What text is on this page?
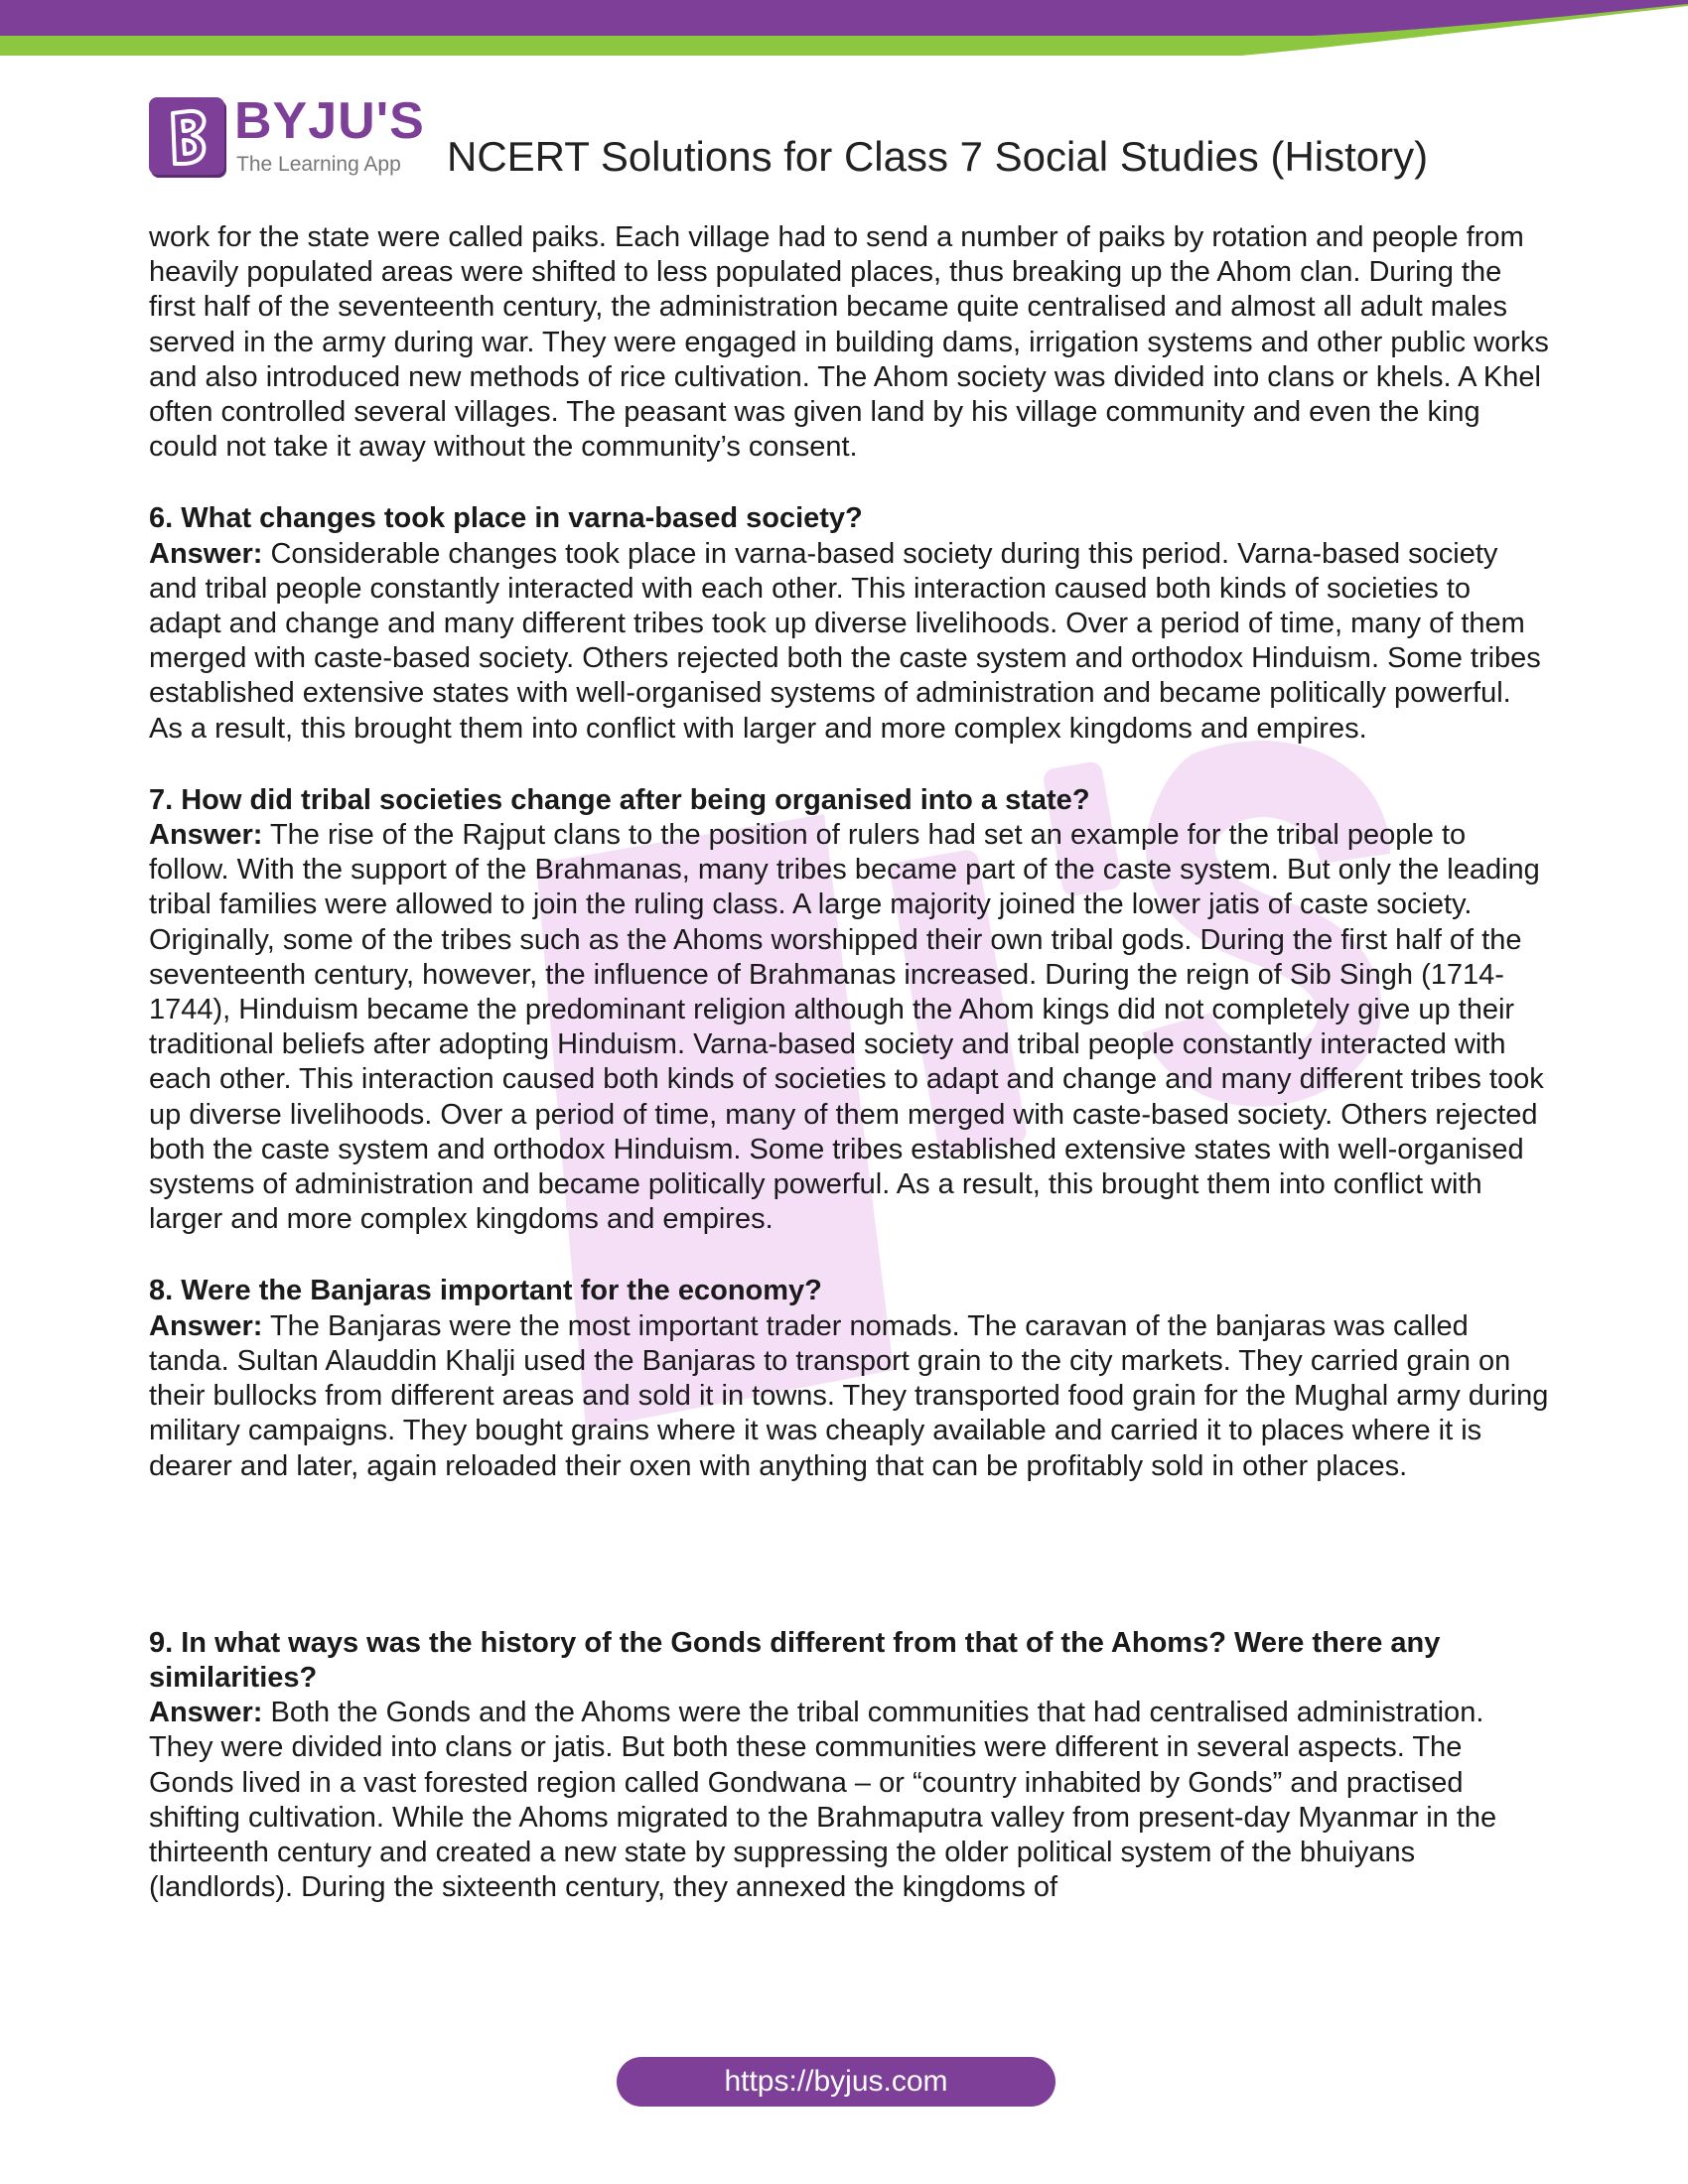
BYJU'S
The Learning App NCERT Solutions for Class 7 Social Studies (History)

work for the state were called paiks. Each village had to send a number of paiks by rotation and people from heavily populated areas were shifted to less populated places, thus breaking up the Ahom clan. During the first half of the seventeenth century, the administration became quite centralised and almost all adult males served in the army during war. They were engaged in building dams, irrigation systems and other public works and also introduced new methods of rice cultivation. The Ahom society was divided into clans or khels. A Khel often controlled several villages. The peasant was given land by his village community and even the king could not take it away without the community’s consent.

6. What changes took place in varna-based society?
Answer: Considerable changes took place in varna-based society during this period. Varna-based society and tribal people constantly interacted with each other. This interaction caused both kinds of societies to adapt and change and many different tribes took up diverse livelihoods. Over a period of time, many of them merged with caste-based society. Others rejected both the caste system and orthodox Hinduism. Some tribes established extensive states with well-organised systems of administration and became politically powerful. As a result, this brought them into conflict with larger and more complex kingdoms and empires.

7. How did tribal societies change after being organised into a state?
Answer: The rise of the Rajput clans to the position of rulers had set an example for the tribal people to follow. With the support of the Brahmanas, many tribes became part of the caste system. But only the leading tribal families were allowed to join the ruling class. A large majority joined the lower jatis of caste society. Originally, some of the tribes such as the Ahoms worshipped their own tribal gods. During the first half of the seventeenth century, however, the influence of Brahmanas increased. During the reign of Sib Singh (1714-1744), Hinduism became the predominant religion although the Ahom kings did not completely give up their traditional beliefs after adopting Hinduism. Varna-based society and tribal people constantly interacted with each other. This interaction caused both kinds of societies to adapt and change and many different tribes took up diverse livelihoods. Over a period of time, many of them merged with caste-based society. Others rejected both the caste system and orthodox Hinduism. Some tribes established extensive states with well-organised systems of administration and became politically powerful. As a result, this brought them into conflict with larger and more complex kingdoms and empires.

8. Were the Banjaras important for the economy?
Answer: The Banjaras were the most important trader nomads. The caravan of the banjaras was called tanda. Sultan Alauddin Khalji used the Banjaras to transport grain to the city markets. They carried grain on their bullocks from different areas and sold it in towns. They transported food grain for the Mughal army during military campaigns. They bought grains where it was cheaply available and carried it to places where it is dearer and later, again reloaded their oxen with anything that can be profitably sold in other places.

9. In what ways was the history of the Gonds different from that of the Ahoms? Were there any similarities?
Answer: Both the Gonds and the Ahoms were the tribal communities that had centralised administration. They were divided into clans or jatis. But both these communities were different in several aspects. The Gonds lived in a vast forested region called Gondwana – or “country inhabited by Gonds” and practised shifting cultivation. While the Ahoms migrated to the Brahmaputra valley from present-day Myanmar in the thirteenth century and created a new state by suppressing the older political system of the bhuiyans (landlords). During the sixteenth century, they annexed the kingdoms of

https://byjus.com
